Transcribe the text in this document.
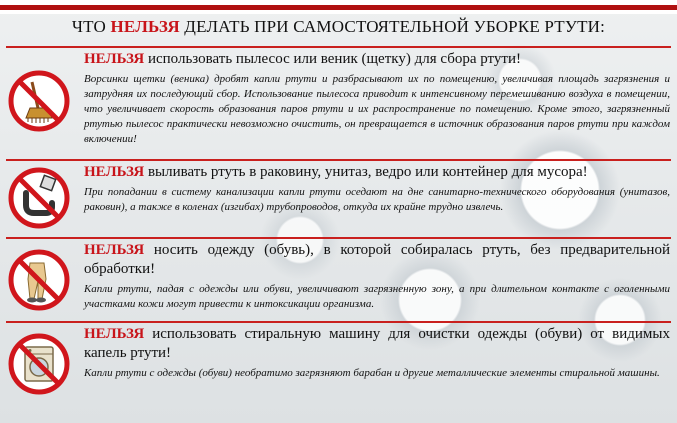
ЧТО НЕЛЬЗЯ ДЕЛАТЬ ПРИ САМОСТОЯТЕЛЬНОЙ УБОРКЕ РТУТИ:
НЕЛЬЗЯ использовать пылесос или веник (щетку) для сбора ртути!
Ворсинки щетки (веника) дробят капли ртути и разбрасывают их по помещению, увеличивая площадь загрязнения и затрудняя их последующий сбор. Использование пылесоса приводит к интенсивному перемешиванию воздуха в помещении, что увеличивает скорость образования паров ртути и их распространение по помещению. Кроме этого, загрязненный ртутью пылесос практически невозможно очистить, он превращается в источник образования паров ртути при каждом включении!
НЕЛЬЗЯ выливать ртуть в раковину, унитаз, ведро или контейнер для мусора!
При попадании в систему канализации капли ртути оседают на дне санитарно-технического оборудования (унитазов, раковин), а также в коленах (изгибах) трубопроводов, откуда их крайне трудно извлечь.
НЕЛЬЗЯ носить одежду (обувь), в которой собиралась ртуть, без предварительной обработки!
Капли ртути, падая с одежды или обуви, увеличивают загрязненную зону, а при длительном контакте с оголенными участками кожи могут привести к интоксикации организма.
НЕЛЬЗЯ использовать стиральную машину для очистки одежды (обуви) от видимых капель ртути!
Капли ртути с одежды (обуви) необратимо загрязняют барабан и другие металлические элементы стиральной машины.
